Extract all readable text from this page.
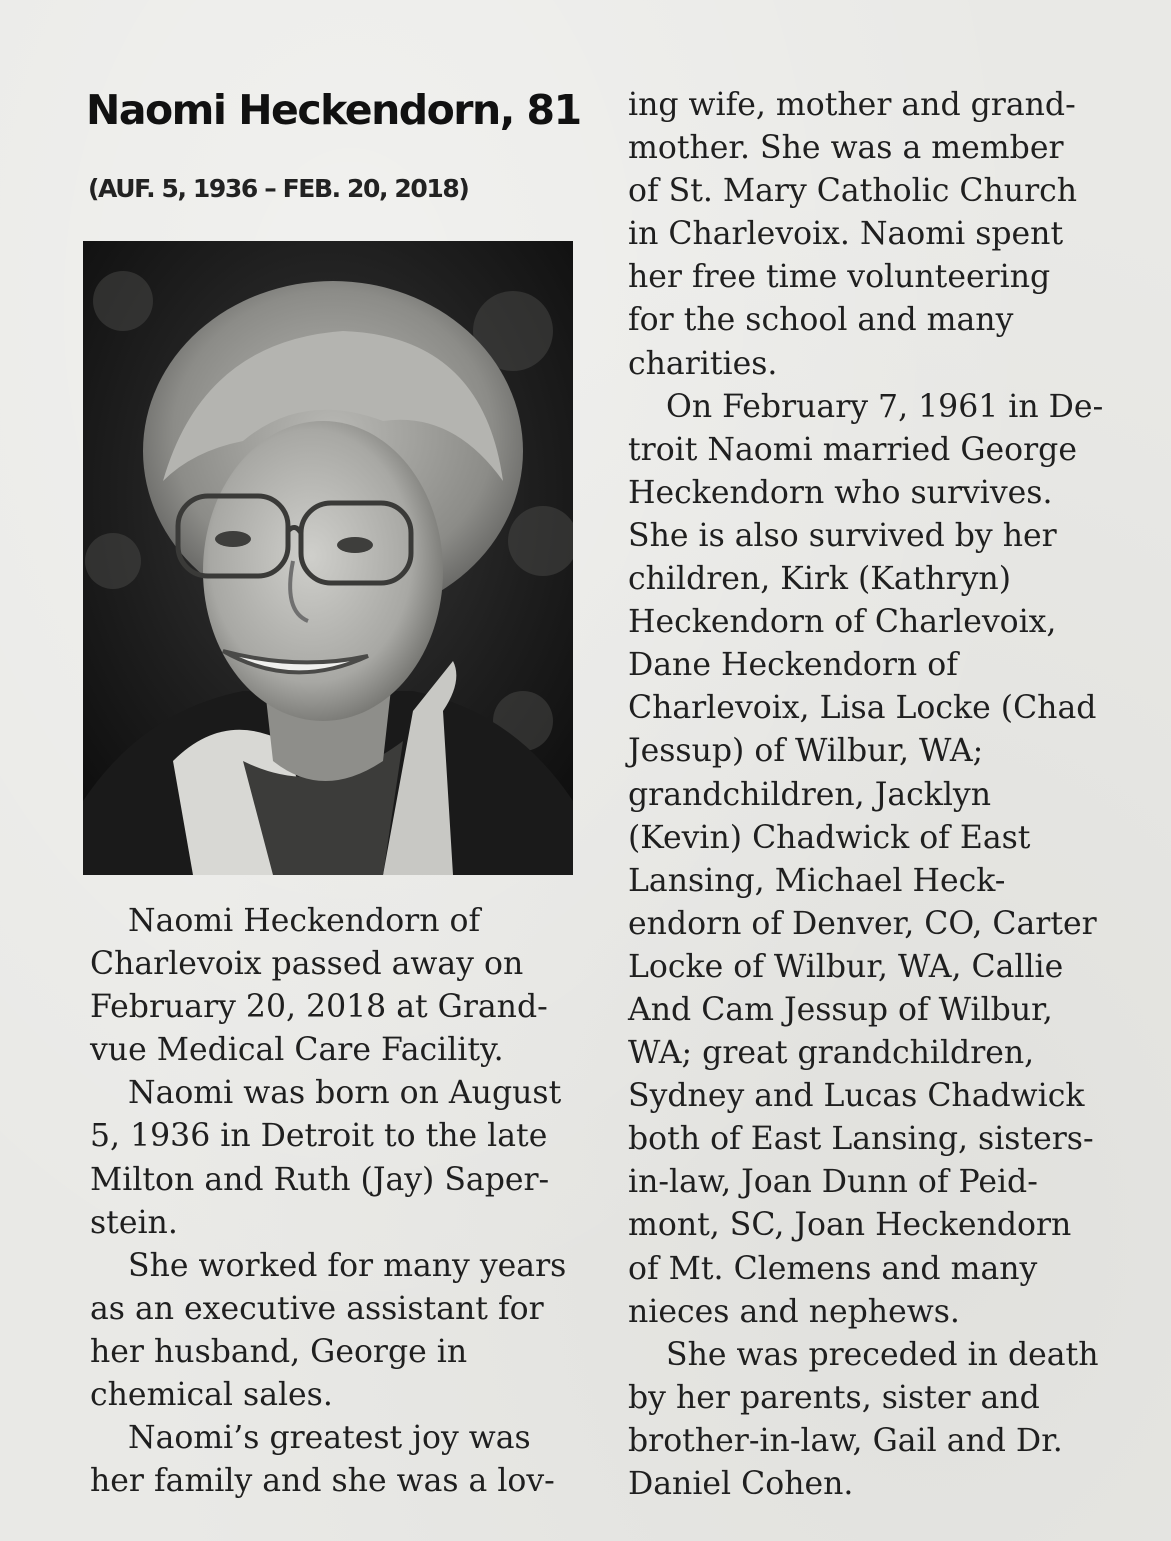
Naomi Heckendorn, 81
(AUF. 5, 1936 – FEB. 20, 2018)

Naomi Heckendorn of
Charlevoix passed away on
February 20, 2018 at Grand-
vue Medical Care Facility.

Naomi was born on August
5, 1936 in Detroit to the late
Milton and Ruth (Jay) Saper-
stein.

She worked for many years
as an executive assistant for
her husband, George in
chemical sales.

Naomi’s greatest joy was
her family and she was a lov-

ing wife, mother and grand-
mother. She was a member
of St. Mary Catholic Church
in Charlevoix. Naomi spent
her free time volunteering
for the school and many
charities.

On February 7, 1961 in De-
troit Naomi married George
Heckendorn who survives.
She is also survived by her
children, Kirk (Kathryn)
Heckendorn of Charlevoix,
Dane Heckendorn of
Charlevoix, Lisa Locke (Chad
Jessup) of Wilbur, WA;
grandchildren, Jacklyn
(Kevin) Chadwick of East
Lansing, Michael Heck-
endorn of Denver, CO, Carter
Locke of Wilbur, WA, Callie
And Cam Jessup of Wilbur,
WA; great grandchildren,
Sydney and Lucas Chadwick
both of East Lansing, sisters-
in-law, Joan Dunn of Peid-
mont, SC, Joan Heckendorn
of Mt. Clemens and many
nieces and nephews.

She was preceded in death
by her parents, sister and
brother-in-law, Gail and Dr.
Daniel Cohen.
